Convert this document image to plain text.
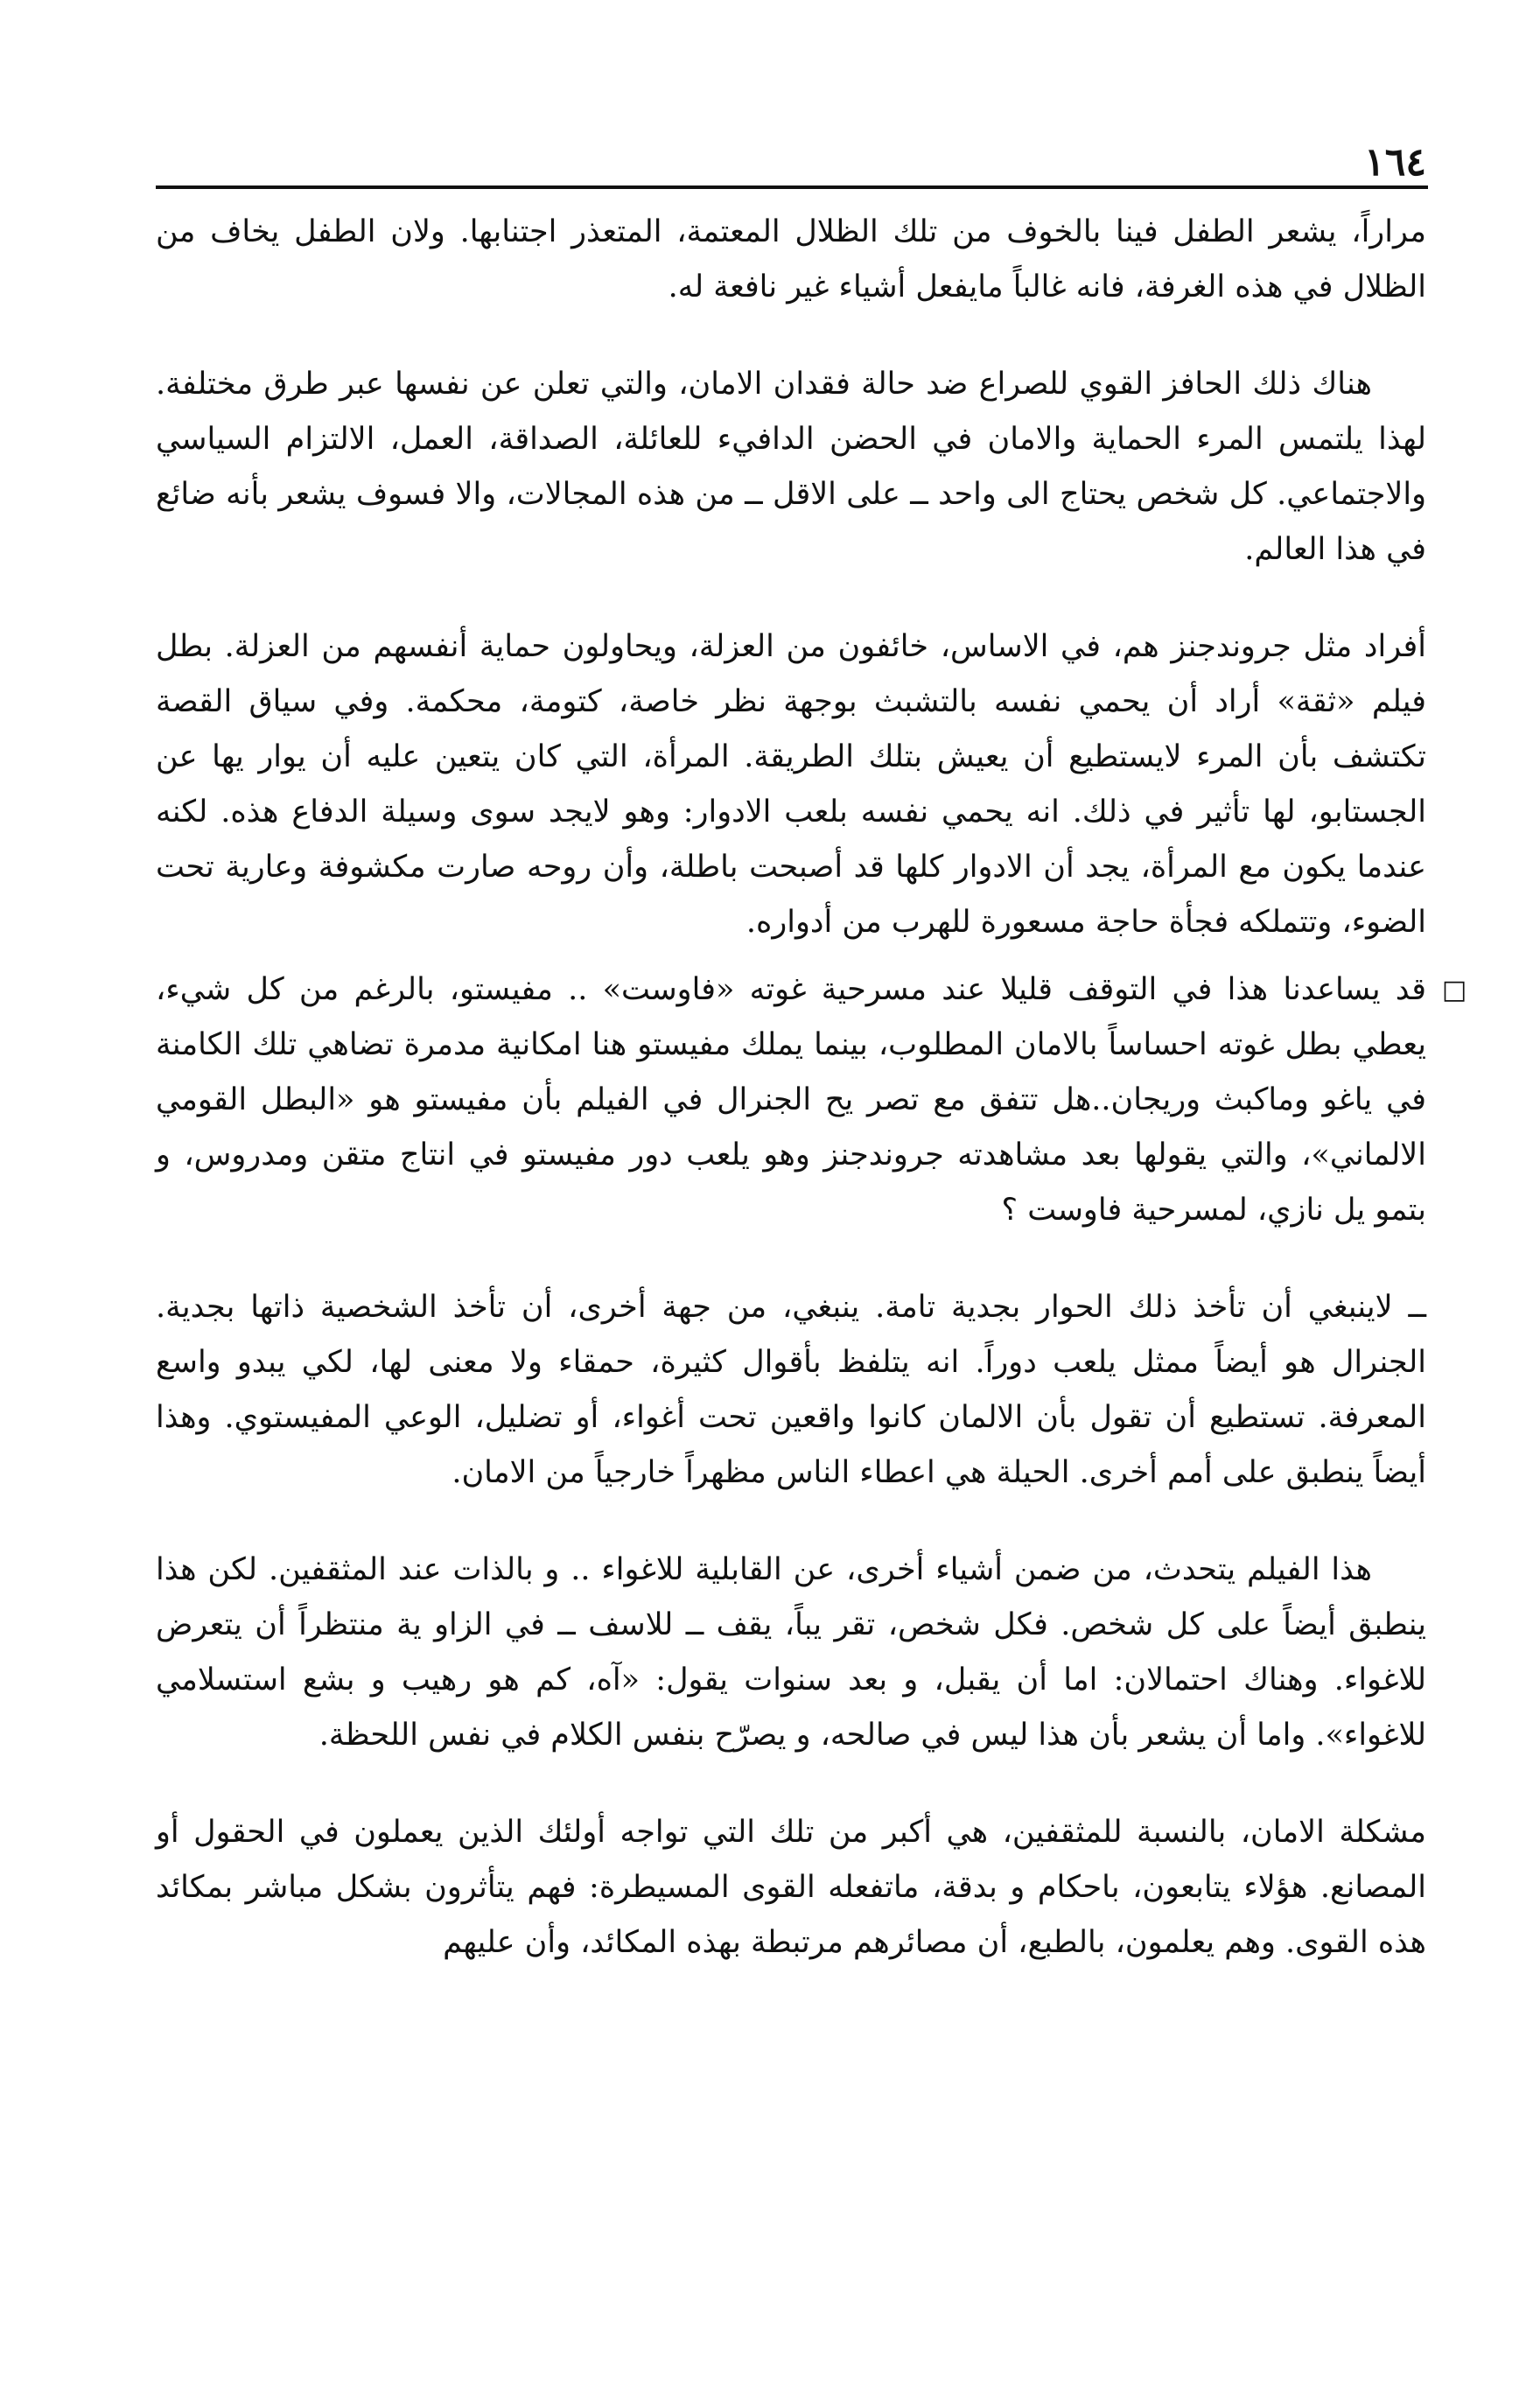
١٦٤

مراراً، يشعر الطفل فينا بالخوف من تلك الظلال المعتمة، المتعذر اجتنابها. ولان الطفل يخاف من الظلال في هذه الغرفة، فانه غالباً مايفعل أشياء غير نافعة له.

هناك ذلك الحافز القوي للصراع ضد حالة فقدان الامان، والتي تعلن عن نفسها عبر طرق مختلفة. لهذا يلتمس المرء الحماية والامان في الحضن الدافيء للعائلة، الصداقة، العمل، الالتزام السياسي والاجتماعي. كل شخص يحتاج الى واحد ــ على الاقل ــ من هذه المجالات، والا فسوف يشعر بأنه ضائع في هذا العالم.

أفراد مثل جروندجنز هم، في الاساس، خائفون من العزلة، ويحاولون حماية أنفسهم من العزلة. بطل فيلم «ثقة» أراد أن يحمي نفسه بالتشبث بوجهة نظر خاصة، كتومة، محكمة. وفي سياق القصة تكتشف بأن المرء لايستطيع أن يعيش بتلك الطريقة. المرأة، التي كان يتعين عليه أن يوار يها عن الجستابو، لها تأثير في ذلك. انه يحمي نفسه بلعب الادوار: وهو لايجد سوى وسيلة الدفاع هذه. لكنه عندما يكون مع المرأة، يجد أن الادوار كلها قد أصبحت باطلة، وأن روحه صارت مكشوفة وعارية تحت الضوء، وتتملكه فجأة حاجة مسعورة للهرب من أدواره.

□

قد يساعدنا هذا في التوقف قليلا عند مسرحية غوته «فاوست» .. مفيستو، بالرغم من كل شيء، يعطي بطل غوته احساساً بالامان المطلوب، بينما يملك مفيستو هنا امكانية مدمرة تضاهي تلك الكامنة في ياغو وماكبث وريجان..هل تتفق مع تصر يح الجنرال في الفيلم بأن مفيستو هو «البطل القومي الالماني»، والتي يقولها بعد مشاهدته جروندجنز وهو يلعب دور مفيستو في انتاج متقن ومدروس، و بتمو يل نازي، لمسرحية فاوست ؟

ــ لاينبغي أن تأخذ ذلك الحوار بجدية تامة. ينبغي، من جهة أخرى، أن تأخذ الشخصية ذاتها بجدية. الجنرال هو أيضاً ممثل يلعب دوراً. انه يتلفظ بأقوال كثيرة، حمقاء ولا معنى لها، لكي يبدو واسع المعرفة. تستطيع أن تقول بأن الالمان كانوا واقعين تحت أغواء، أو تضليل، الوعي المفيستوي. وهذا أيضاً ينطبق على أمم أخرى. الحيلة هي اعطاء الناس مظهراً خارجياً من الامان.

هذا الفيلم يتحدث، من ضمن أشياء أخرى، عن القابلية للاغواء .. و بالذات عند المثقفين. لكن هذا ينطبق أيضاً على كل شخص. فكل شخص، تقر يباً، يقف ــ للاسف ــ في الزاو ية منتظراً أن يتعرض للاغواء. وهناك احتمالان: اما أن يقبل، و بعد سنوات يقول: «آه، كم هو رهيب و بشع استسلامي للاغواء». واما أن يشعر بأن هذا ليس في صالحه، و يصرّح بنفس الكلام في نفس اللحظة.

مشكلة الامان، بالنسبة للمثقفين، هي أكبر من تلك التي تواجه أولئك الذين يعملون في الحقول أو المصانع. هؤلاء يتابعون، باحكام و بدقة، ماتفعله القوى المسيطرة: فهم يتأثرون بشكل مباشر بمكائد هذه القوى. وهم يعلمون، بالطبع، أن مصائرهم مرتبطة بهذه المكائد، وأن عليهم
